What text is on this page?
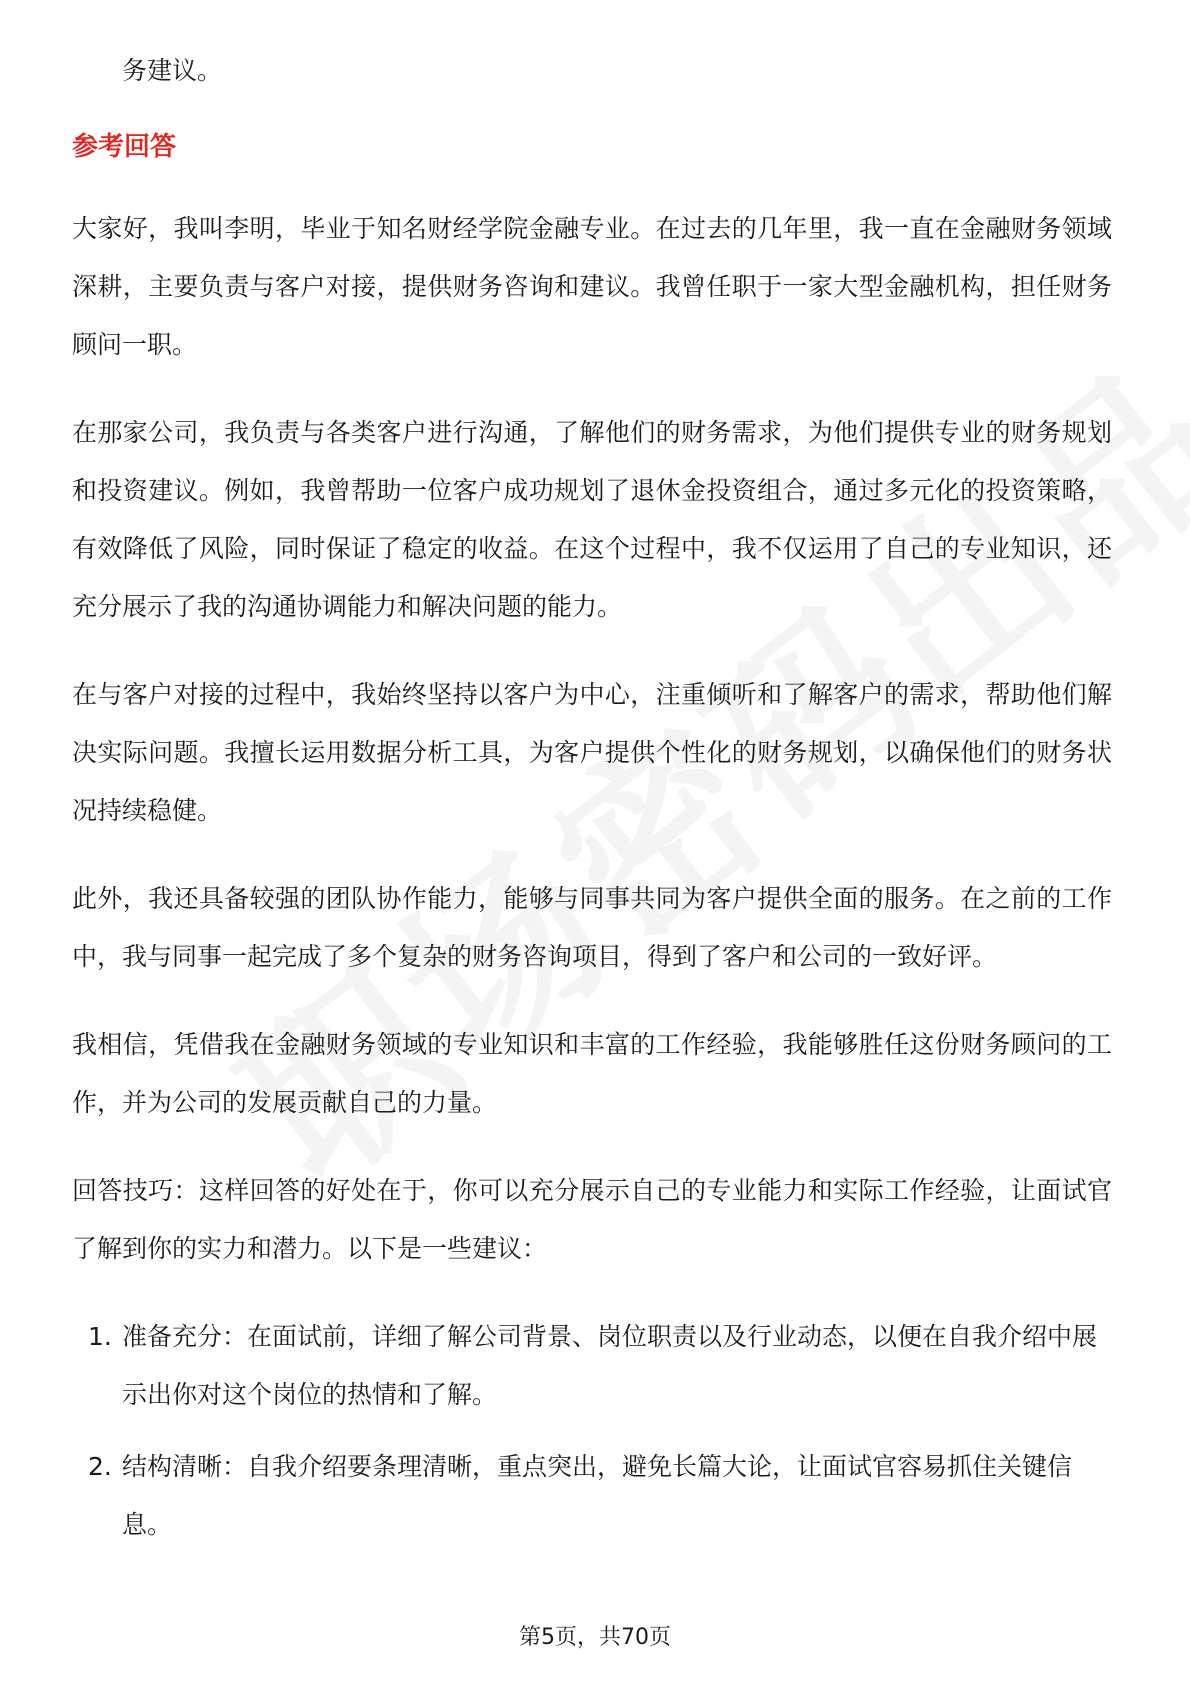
务建议。

参考回答

大家好，我叫李明，毕业于知名财经学院金融专业。在过去的几年里，我一直在金融财务领域深耕，主要负责与客户对接，提供财务咨询和建议。我曾任职于一家大型金融机构，担任财务顾问一职。

在那家公司，我负责与各类客户进行沟通，了解他们的财务需求，为他们提供专业的财务规划和投资建议。例如，我曾帮助一位客户成功规划了退休金投资组合，通过多元化的投资策略，有效降低了风险，同时保证了稳定的收益。在这个过程中，我不仅运用了自己的专业知识，还充分展示了我的沟通协调能力和解决问题的能力。

在与客户对接的过程中，我始终坚持以客户为中心，注重倾听和了解客户的需求，帮助他们解决实际问题。我擅长运用数据分析工具，为客户提供个性化的财务规划，以确保他们的财务状况持续稳健。

此外，我还具备较强的团队协作能力，能够与同事共同为客户提供全面的服务。在之前的工作中，我与同事一起完成了多个复杂的财务咨询项目，得到了客户和公司的一致好评。

我相信，凭借我在金融财务领域的专业知识和丰富的工作经验，我能够胜任这份财务顾问的工作，并为公司的发展贡献自己的力量。

回答技巧：这样回答的好处在于，你可以充分展示自己的专业能力和实际工作经验，让面试官了解到你的实力和潜力。以下是一些建议：

1. 准备充分：在面试前，详细了解公司背景、岗位职责以及行业动态，以便在自我介绍中展示出你对这个岗位的热情和了解。
2. 结构清晰：自我介绍要条理清晰，重点突出，避免长篇大论，让面试官容易抓住关键信息。
第5页，共70页
